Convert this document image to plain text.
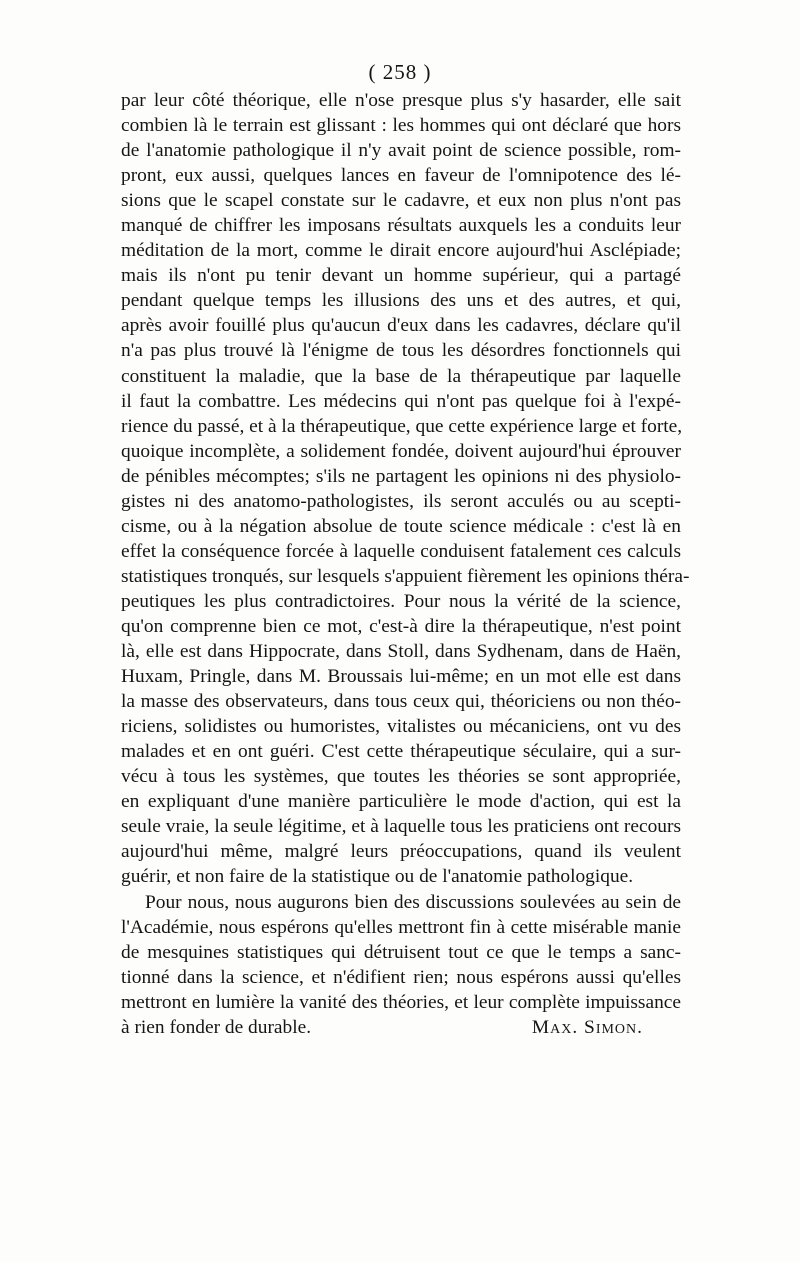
( 258 )
par leur côté théorique, elle n'ose presque plus s'y hasarder, elle sait
combien là le terrain est glissant : les hommes qui ont déclaré que hors
de l'anatomie pathologique il n'y avait point de science possible, rom-
pront, eux aussi, quelques lances en faveur de l'omnipotence des lé-
sions que le scapel constate sur le cadavre, et eux non plus n'ont pas
manqué de chiffrer les imposans résultats auxquels les a conduits leur
méditation de la mort, comme le dirait encore aujourd'hui Asclépiade;
mais ils n'ont pu tenir devant un homme supérieur, qui a partagé
pendant quelque temps les illusions des uns et des autres, et qui,
après avoir fouillé plus qu'aucun d'eux dans les cadavres, déclare qu'il
n'a pas plus trouvé là l'énigme de tous les désordres fonctionnels qui
constituent la maladie, que la base de la thérapeutique par laquelle
il faut la combattre. Les médecins qui n'ont pas quelque foi à l'expé-
rience du passé, et à la thérapeutique, que cette expérience large et forte,
quoique incomplète, a solidement fondée, doivent aujourd'hui éprouver
de pénibles mécomptes; s'ils ne partagent les opinions ni des physiolo-
gistes ni des anatomo-pathologistes, ils seront acculés ou au scepti-
cisme, ou à la négation absolue de toute science médicale : c'est là en
effet la conséquence forcée à laquelle conduisent fatalement ces calculs
statistiques tronqués, sur lesquels s'appuient fièrement les opinions théra-
peutiques les plus contradictoires. Pour nous la vérité de la science,
qu'on comprenne bien ce mot, c'est-à dire la thérapeutique, n'est point
là, elle est dans Hippocrate, dans Stoll, dans Sydhenam, dans de Haën,
Huxam, Pringle, dans M. Broussais lui-même; en un mot elle est dans
la masse des observateurs, dans tous ceux qui, théoriciens ou non théo-
riciens, solidistes ou humoristes, vitalistes ou mécaniciens, ont vu des
malades et en ont guéri. C'est cette thérapeutique séculaire, qui a sur-
vécu à tous les systèmes, que toutes les théories se sont appropriée,
en expliquant d'une manière particulière le mode d'action, qui est la
seule vraie, la seule légitime, et à laquelle tous les praticiens ont recours
aujourd'hui même, malgré leurs préoccupations, quand ils veulent
guérir, et non faire de la statistique ou de l'anatomie pathologique.
Pour nous, nous augurons bien des discussions soulevées au sein de
l'Académie, nous espérons qu'elles mettront fin à cette misérable manie
de mesquines statistiques qui détruisent tout ce que le temps a sanc-
tionné dans la science, et n'édifient rien; nous espérons aussi qu'elles
mettront en lumière la vanité des théories, et leur complète impuissance
à rien fonder de durable.	Max. Simon.
